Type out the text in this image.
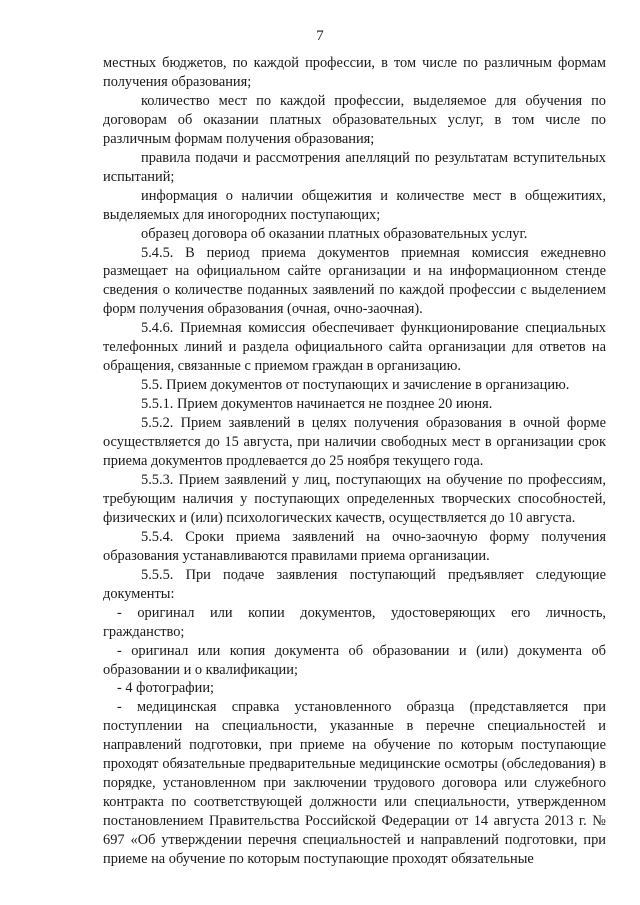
7

местных бюджетов, по каждой профессии, в том числе по различным формам получения образования;

количество мест по каждой профессии, выделяемое для обучения по договорам об оказании платных образовательных услуг, в том числе по различным формам получения образования;

правила подачи и рассмотрения апелляций по результатам вступительных испытаний;

информация о наличии общежития и количестве мест в общежитиях, выделяемых для иногородних поступающих;

образец договора об оказании платных образовательных услуг.

5.4.5. В период приема документов приемная комиссия ежедневно размещает на официальном сайте организации и на информационном стенде сведения о количестве поданных заявлений по каждой профессии с выделением форм получения образования (очная, очно-заочная).

5.4.6. Приемная комиссия обеспечивает функционирование специальных телефонных линий и раздела официального сайта организации для ответов на обращения, связанные с приемом граждан в организацию.

5.5. Прием документов от поступающих и зачисление в организацию.

5.5.1. Прием документов начинается не позднее 20 июня.

5.5.2. Прием заявлений в целях получения образования в очной форме осуществляется до 15 августа, при наличии свободных мест в организации срок приема документов продлевается до 25 ноября текущего года.

5.5.3. Прием заявлений у лиц, поступающих на обучение по профессиям, требующим наличия у поступающих определенных творческих способностей, физических и (или) психологических качеств, осуществляется до 10 августа.

5.5.4. Сроки приема заявлений на очно-заочную форму получения образования устанавливаются правилами приема организации.

5.5.5. При подаче заявления поступающий предъявляет следующие документы:

- оригинал или копии документов, удостоверяющих его личность, гражданство;

- оригинал или копия документа об образовании и (или) документа об образовании и о квалификации;

- 4 фотографии;

- медицинская справка установленного образца (представляется при поступлении на специальности, указанные в перечне специальностей и направлений подготовки, при приеме на обучение по которым поступающие проходят обязательные предварительные медицинские осмотры (обследования) в порядке, установленном при заключении трудового договора или служебного контракта по соответствующей должности или специальности, утвержденном постановлением Правительства Российской Федерации от 14 августа 2013 г. № 697 «Об утверждении перечня специальностей и направлений подготовки, при приеме на обучение по которым поступающие проходят обязательные
